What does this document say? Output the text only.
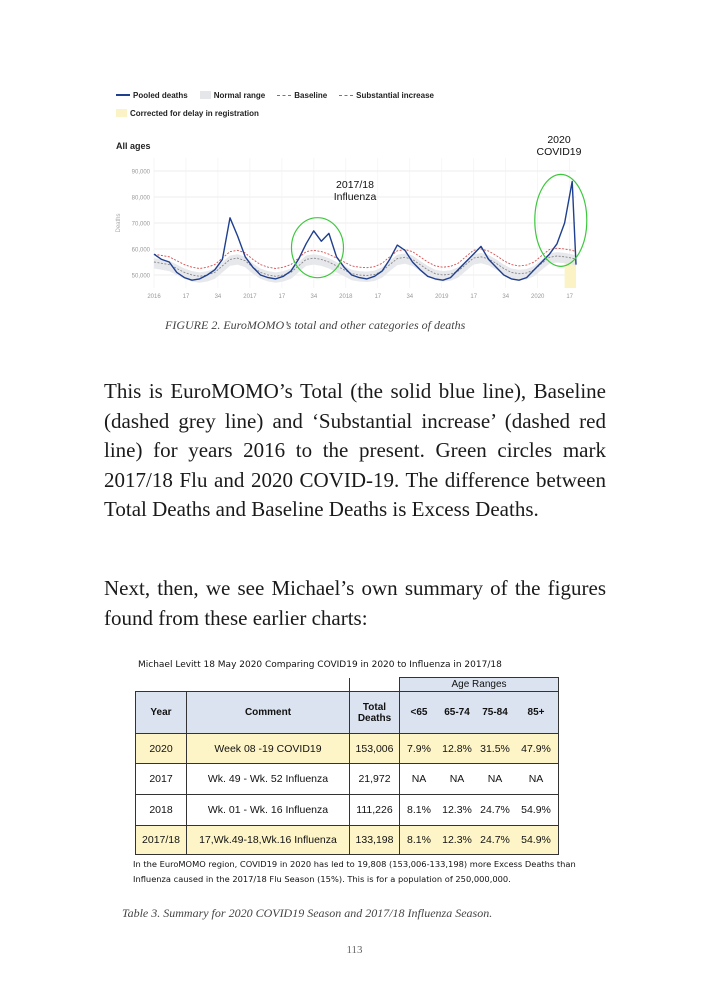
Pooled deaths	Normal range	Baseline	Substantial increase
Corrected for delay in registration
All ages
50,000
60,000
70,000
80,000
90,000
2016	17	34	2017	17	34	2018	17	34	2019	17	34	2020	17
Deaths
2017/18
Influenza
2020
COVID19
FIGURE 2. EuroMOMO’s total and other categories of deaths

This is EuroMOMO’s Total (the solid blue line), Baseline (dashed grey line) and ‘Substantial increase’ (dashed red line) for years 2016 to the present. Green circles mark 2017/18 Flu and 2020 COVID-19. The difference between Total Deaths and Baseline Deaths is Excess Deaths.

Next, then, we see Michael’s own summary of the figures found from these earlier charts:

Michael Levitt 18 May 2020 Comparing COVID19 in 2020 to Influenza in 2017/18
			Age Ranges			
Year	Comment	Total Deaths	<65	65-74	75-84	85+
2020	Week 08 -19 COVID19	153,006	7.9%	12.8%	31.5%	47.9%
2017	Wk. 49 - Wk. 52 Influenza	21,972	NA	NA	NA	NA
2018	Wk. 01 - Wk. 16 Influenza	111,226	8.1%	12.3%	24.7%	54.9%
2017/18	17,Wk.49-18,Wk.16 Influenza	133,198	8.1%	12.3%	24.7%	54.9%
In the EuroMOMO region, COVID19 in 2020 has led to 19,808 (153,006-133,198) more Excess Deaths than
Influenza caused in the 2017/18 Flu Season (15%). This is for a population of 250,000,000.
Table 3. Summary for 2020 COVID19 Season and 2017/18 Influenza Season.
113
